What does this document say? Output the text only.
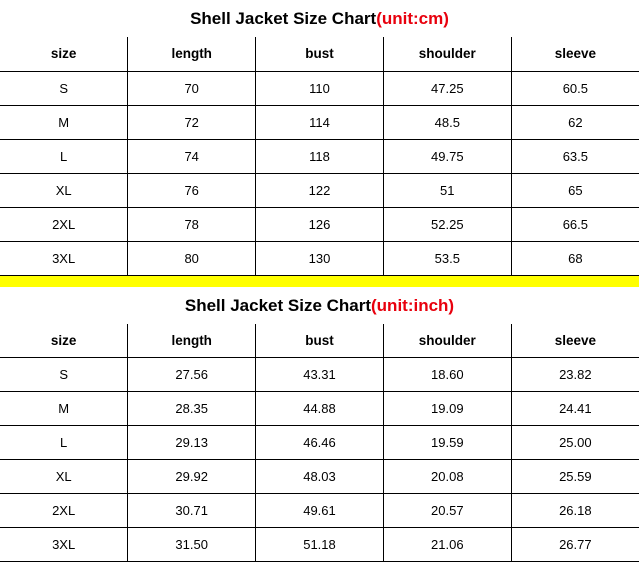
Shell Jacket Size Chart(unit:cm)
size	length	bust	shoulder	sleeve
S	70	110	47.25	60.5
M	72	114	48.5	62
L	74	118	49.75	63.5
XL	76	122	51	65
2XL	78	126	52.25	66.5
3XL	80	130	53.5	68
Shell Jacket Size Chart(unit:inch)
size	length	bust	shoulder	sleeve
S	27.56	43.31	18.60	23.82
M	28.35	44.88	19.09	24.41
L	29.13	46.46	19.59	25.00
XL	29.92	48.03	20.08	25.59
2XL	30.71	49.61	20.57	26.18
3XL	31.50	51.18	21.06	26.77
